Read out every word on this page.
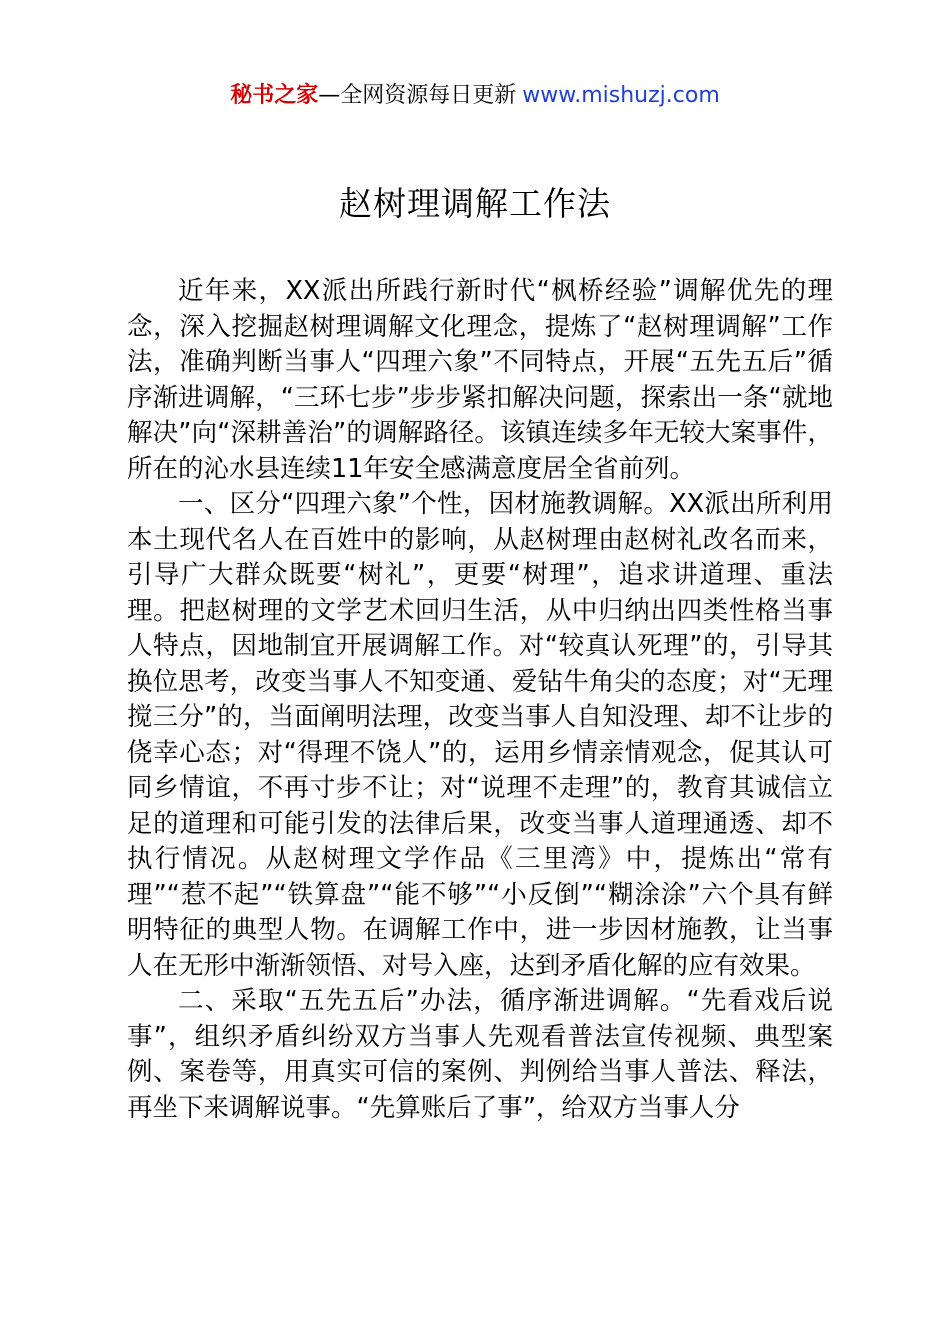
秘书之家—全网资源每日更新 www.mishuzj.com
赵树理调解工作法

近年来，XX派出所践行新时代“枫桥经验”调解优先的理念，深入挖掘赵树理调解文化理念，提炼了“赵树理调解”工作法，准确判断当事人“四理六象”不同特点，开展“五先五后”循序渐进调解，“三环七步”步步紧扣解决问题，探索出一条“就地解决”向“深耕善治”的调解路径。该镇连续多年无较大案事件，所在的沁水县连续11年安全感满意度居全省前列。

一、区分“四理六象”个性，因材施教调解。XX派出所利用本土现代名人在百姓中的影响，从赵树理由赵树礼改名而来，引导广大群众既要“树礼”，更要“树理”，追求讲道理、重法理。把赵树理的文学艺术回归生活，从中归纳出四类性格当事人特点，因地制宜开展调解工作。对“较真认死理”的，引导其换位思考，改变当事人不知变通、爱钻牛角尖的态度；对“无理搅三分”的，当面阐明法理，改变当事人自知没理、却不让步的侥幸心态；对“得理不饶人”的，运用乡情亲情观念，促其认可同乡情谊，不再寸步不让；对“说理不走理”的，教育其诚信立足的道理和可能引发的法律后果，改变当事人道理通透、却不执行情况。从赵树理文学作品《三里湾》中，提炼出“常有理”“惹不起”“铁算盘”“能不够”“小反倒”“糊涂涂”六个具有鲜明特征的典型人物。在调解工作中，进一步因材施教，让当事人在无形中渐渐领悟、对号入座，达到矛盾化解的应有效果。

二、采取“五先五后”办法，循序渐进调解。“先看戏后说事”，组织矛盾纠纷双方当事人先观看普法宣传视频、典型案例、案卷等，用真实可信的案例、判例给当事人普法、释法，再坐下来调解说事。“先算账后了事”，给双方当事人分
